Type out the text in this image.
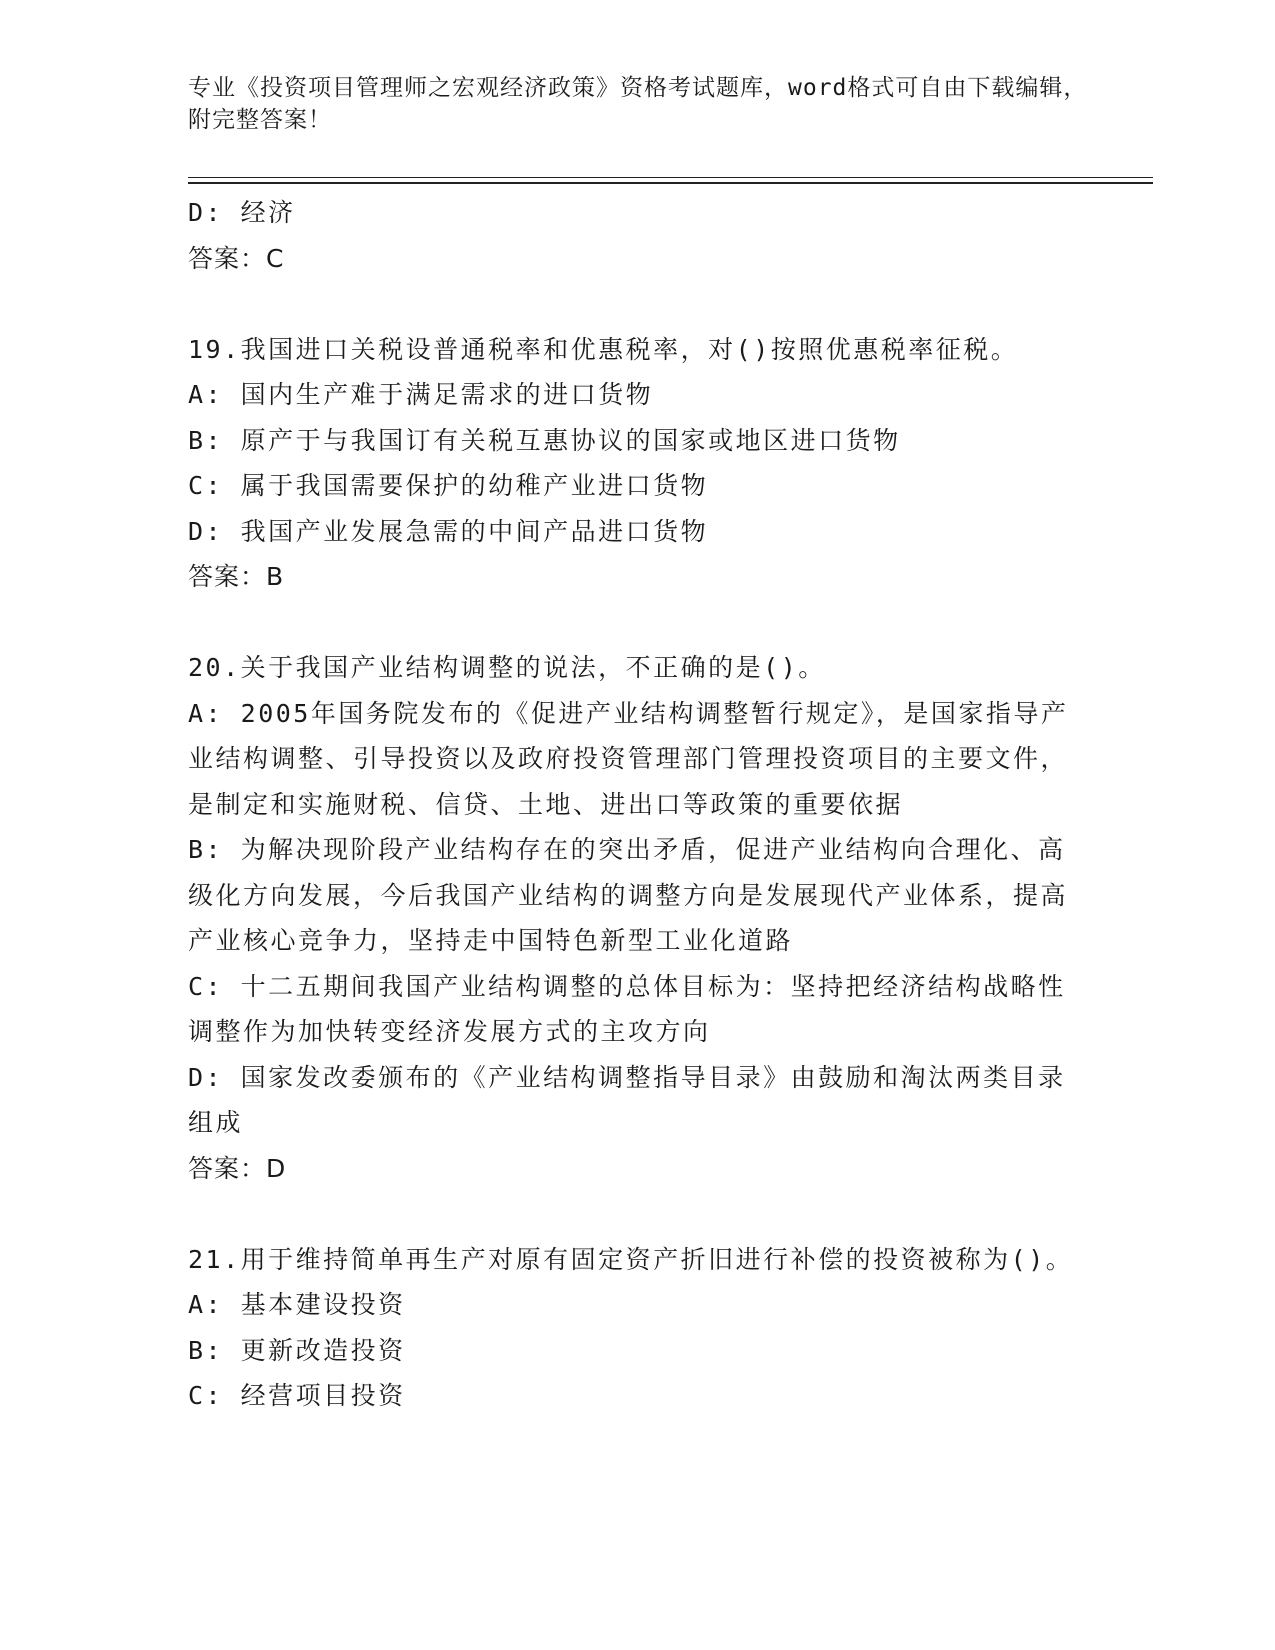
专业《投资项目管理师之宏观经济政策》资格考试题库，word格式可自由下载编辑，附完整答案！
D: 经济
答案：C
19.我国进口关税设普通税率和优惠税率，对()按照优惠税率征税。
A: 国内生产难于满足需求的进口货物
B: 原产于与我国订有关税互惠协议的国家或地区进口货物
C: 属于我国需要保护的幼稚产业进口货物
D: 我国产业发展急需的中间产品进口货物
答案：B
20.关于我国产业结构调整的说法，不正确的是()。
A: 2005年国务院发布的《促进产业结构调整暂行规定》，是国家指导产业结构调整、引导投资以及政府投资管理部门管理投资项目的主要文件，是制定和实施财税、信贷、土地、进出口等政策的重要依据
B: 为解决现阶段产业结构存在的突出矛盾，促进产业结构向合理化、高级化方向发展，今后我国产业结构的调整方向是发展现代产业体系，提高产业核心竞争力，坚持走中国特色新型工业化道路
C: 十二五期间我国产业结构调整的总体目标为：坚持把经济结构战略性调整作为加快转变经济发展方式的主攻方向
D: 国家发改委颁布的《产业结构调整指导目录》由鼓励和淘汰两类目录组成
答案：D
21.用于维持简单再生产对原有固定资产折旧进行补偿的投资被称为()。
A: 基本建设投资
B: 更新改造投资
C: 经营项目投资
